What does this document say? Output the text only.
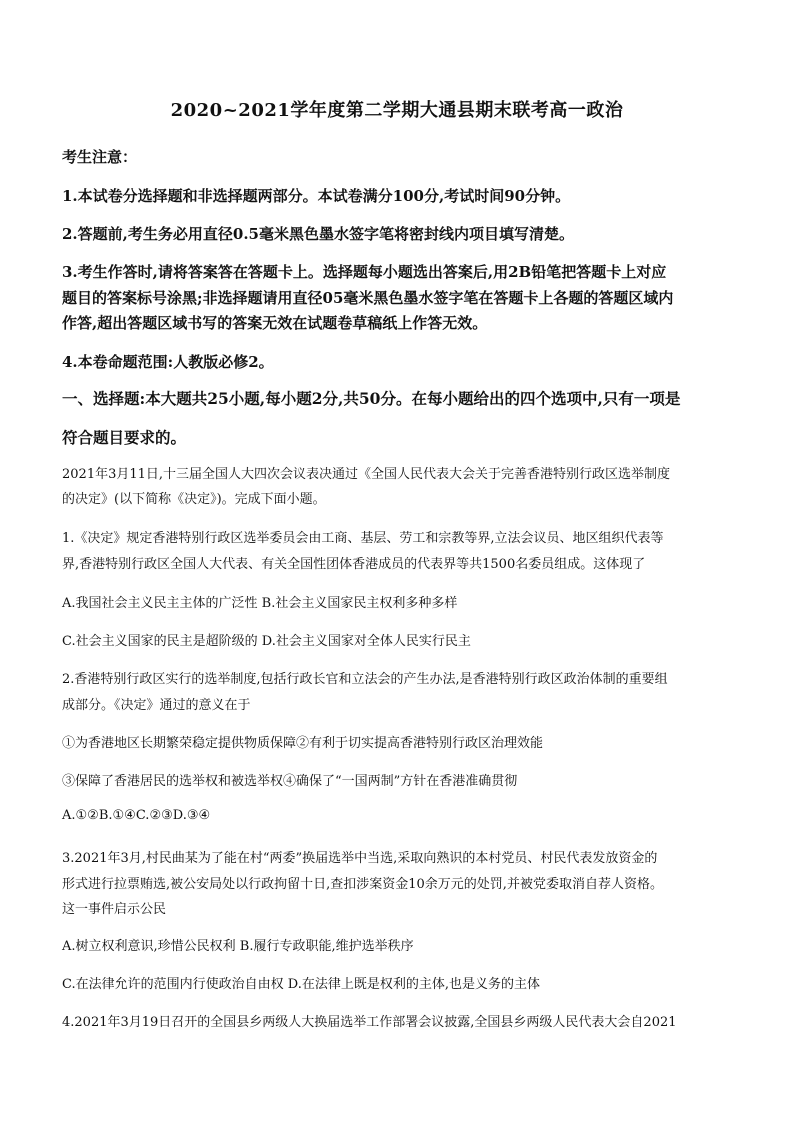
2020~2021学年度第二学期大通县期末联考高一政治
考生注意：
1.本试卷分选择题和非选择题两部分。本试卷满分100分,考试时间90分钟。
2.答题前,考生务必用直径0.5毫米黑色墨水签字笔将密封线内项目填写清楚。
3.考生作答时,请将答案答在答题卡上。选择题每小题选出答案后,用2B铅笔把答题卡上对应
题目的答案标号涂黑;非选择题请用直径05毫米黑色墨水签字笔在答题卡上各题的答题区域内
作答,超出答题区域书写的答案无效在试题卷草稿纸上作答无效。
4.本卷命题范围:人教版必修2。
一、选择题:本大题共25小题,每小题2分,共50分。在每小题给出的四个选项中,只有一项是
符合题目要求的。
2021年3月11日,十三届全国人大四次会议表决通过《全国人民代表大会关于完善香港特别行政区选举制度
的决定》(以下简称《决定》)。完成下面小题。
1.《决定》规定香港特别行政区选举委员会由工商、基层、劳工和宗教等界,立法会议员、地区组织代表等
界,香港特别行政区全国人大代表、有关全国性团体香港成员的代表界等共1500名委员组成。这体现了
A.我国社会主义民主主体的广泛性 B.社会主义国家民主权利多种多样
C.社会主义国家的民主是超阶级的 D.社会主义国家对全体人民实行民主
2.香港特别行政区实行的选举制度,包括行政长官和立法会的产生办法,是香港特别行政区政治体制的重要组
成部分。《决定》通过的意义在于
①为香港地区长期繁荣稳定提供物质保障②有利于切实提高香港特别行政区治理效能
③保障了香港居民的选举权和被选举权④确保了“一国两制”方针在香港准确贯彻
A.①②B.①④C.②③D.③④
3.2021年3月,村民曲某为了能在村“两委”换届选举中当选,采取向熟识的本村党员、村民代表发放资金的
形式进行拉票贿选,被公安局处以行政拘留十日,查扣涉案资金10余万元的处罚,并被党委取消自荐人资格。
这一事件启示公民
A.树立权利意识,珍惜公民权利 B.履行专政职能,维护选举秩序
C.在法律允许的范围内行使政治自由权 D.在法律上既是权利的主体,也是义务的主体
4.2021年3月19日召开的全国县乡两级人大换届选举工作部署会议披露,全国县乡两级人民代表大会自2021
